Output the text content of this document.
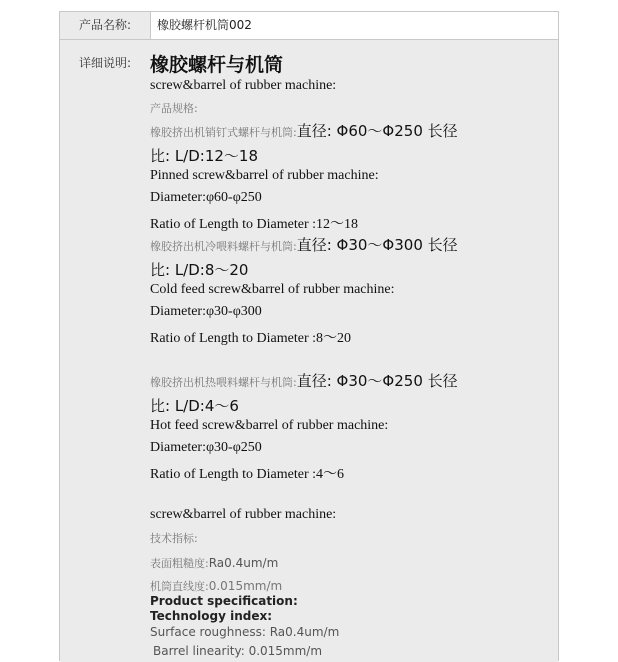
产品名称:	橡胶螺杆机筒002
详细说明: 橡胶螺杆与机筒
screw&barrel of rubber machine:
产品规格:
橡胶挤出机销钉式螺杆与机筒:直径: Φ60～Φ250 长径
比: L/D:12～18
Pinned screw&barrel of rubber machine:
Diameter:φ60-φ250
Ratio of Length to Diameter :12～18
橡胶挤出机冷喂料螺杆与机筒:直径: Φ30～Φ300 长径
比: L/D:8～20
Cold feed screw&barrel of rubber machine:
Diameter:φ30-φ300
Ratio of Length to Diameter :8～20
橡胶挤出机热喂料螺杆与机筒:直径: Φ30～Φ250 长径
比: L/D:4～6
Hot feed screw&barrel of rubber machine:
Diameter:φ30-φ250
Ratio of Length to Diameter :4～6
screw&barrel of rubber machine:
技术指标:
表面粗糙度:Ra0.4um/m
机筒直线度:0.015mm/m
Product specification:
Technology index:
Surface roughness: Ra0.4um/m
Barrel linearity: 0.015mm/m
